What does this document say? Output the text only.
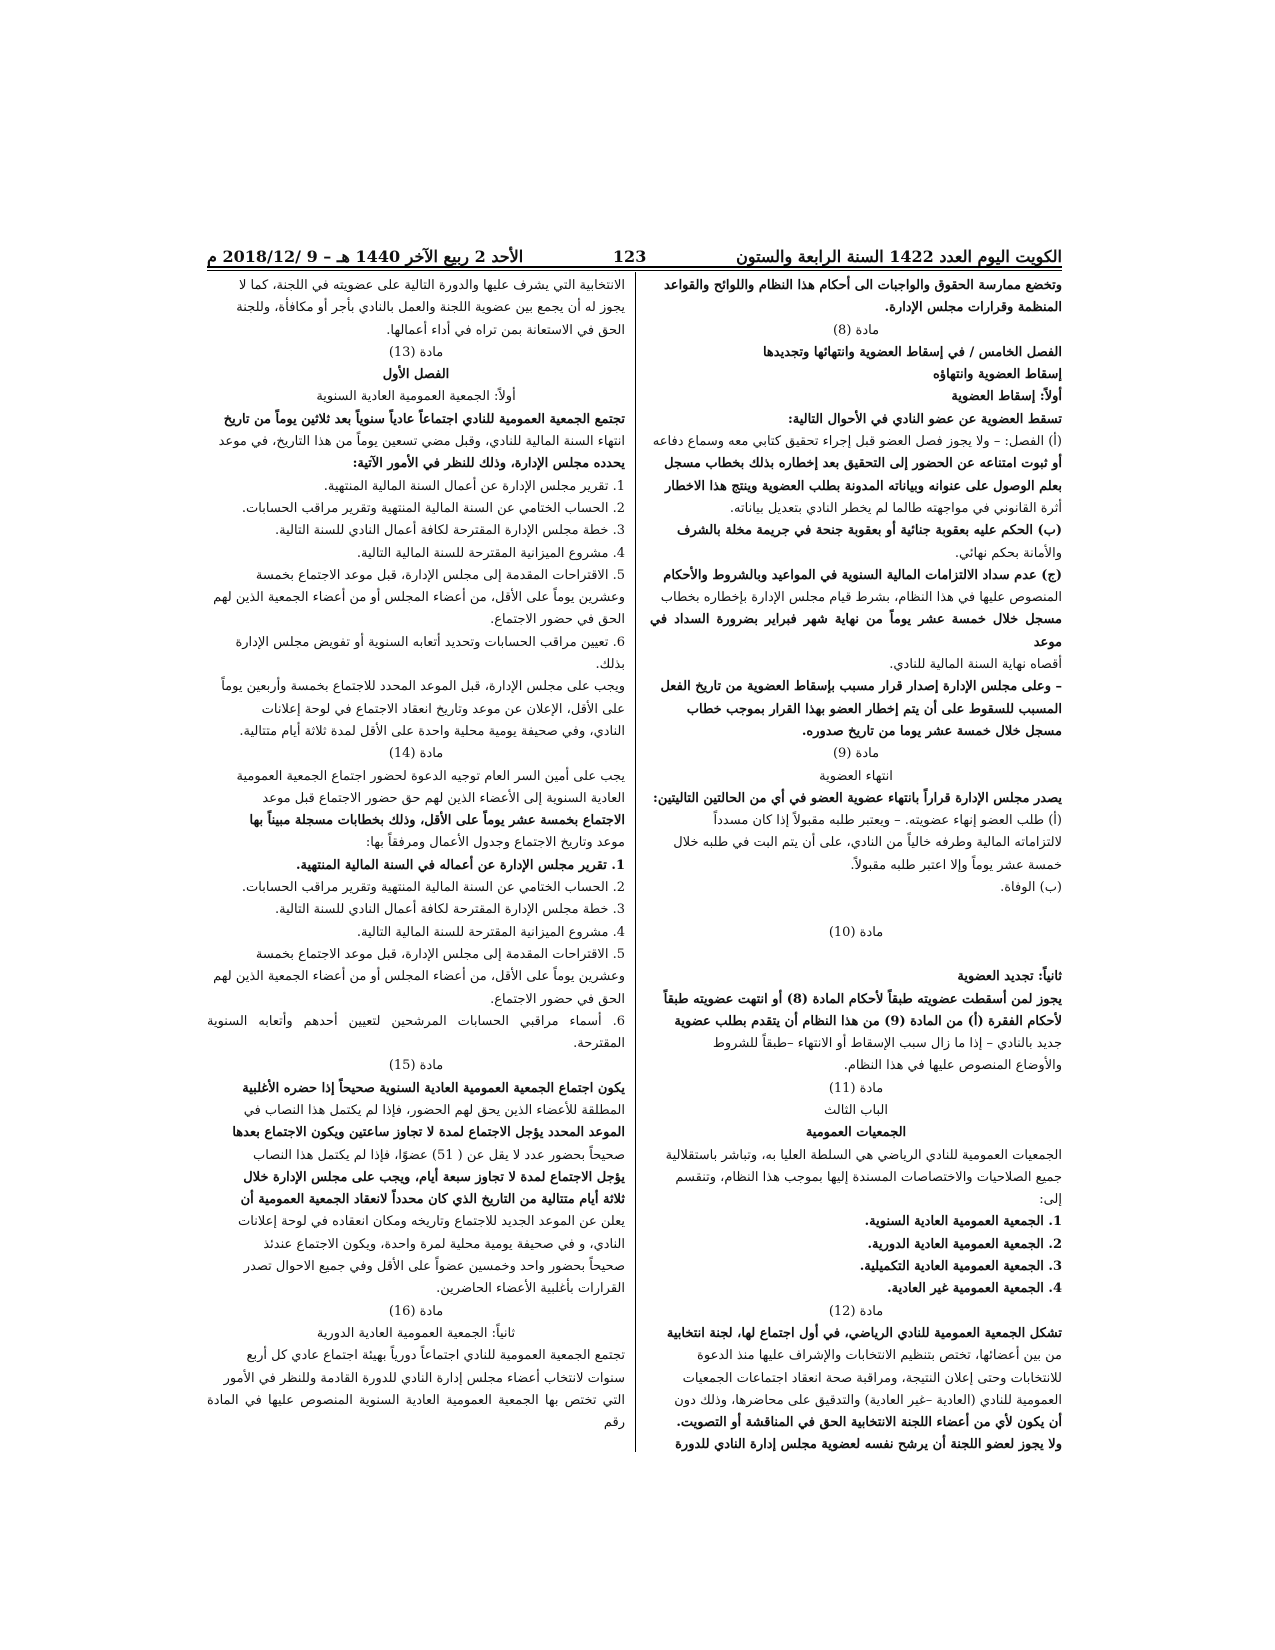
الكويت اليوم العدد 1422 السنة الرابعة والستون
123
الأحد 2 ربيع الآخر 1440 هـ – 9 /2018/12 م

وتخضع ممارسة الحقوق والواجبات الى أحكام هذا النظام واللوائح والقواعد

المنظمة وقرارات مجلس الإدارة.

مادة (8)

الفصل الخامس / في إسقاط العضوية وانتهائها وتجديدها

إسقاط العضوية وانتهاؤه

أولاً: إسقاط العضوية

تسقط العضوية عن عضو النادي في الأحوال التالية:

(أ) الفصل: – ولا يجوز فصل العضو قبل إجراء تحقيق كتابي معه وسماع دفاعه

أو ثبوت امتناعه عن الحضور إلى التحقيق بعد إخطاره بذلك بخطاب مسجل

بعلم الوصول على عنوانه وبياناته المدونة بطلب العضوية وينتج هذا الاخطار

أثرة القانوني في مواجهته طالما لم يخطر النادي بتعديل بياناته.

(ب) الحكم عليه بعقوبة جنائية أو بعقوبة جنحة في جريمة مخلة بالشرف

والأمانة بحكم نهائي.

(ج) عدم سداد الالتزامات المالية السنوية في المواعيد وبالشروط والأحكام

المنصوص عليها في هذا النظام، بشرط قيام مجلس الإدارة بإخطاره بخطاب

مسجل خلال خمسة عشر يوماً من نهاية شهر فبراير بضرورة السداد في موعد

أقصاه نهاية السنة المالية للنادي.

– وعلى مجلس الإدارة إصدار قرار مسبب بإسقاط العضوية من تاريخ الفعل

المسبب للسقوط على أن يتم إخطار العضو بهذا القرار بموجب خطاب

مسجل خلال خمسة عشر يوما من تاريخ صدوره.

مادة (9)

انتهاء العضوية

يصدر مجلس الإدارة قراراً بانتهاء عضوية العضو في أي من الحالتين التاليتين:

(أ) طلب العضو إنهاء عضويته. – ويعتبر طلبه مقبولاً إذا كان مسدداً

لالتزاماته المالية وطرفه خالياً من النادي، على أن يتم البت في طلبه خلال

خمسة عشر يوماً وإلا اعتبر طلبه مقبولاً.

(ب) الوفاة.

مادة (10)

ثانياً: تجديد العضوية

يجوز لمن أسقطت عضويته طبقاً لأحكام المادة (8) أو انتهت عضويته طبقاً

لأحكام الفقرة (أ) من المادة (9) من هذا النظام أن يتقدم بطلب عضوية

جديد بالنادي – إذا ما زال سبب الإسقاط أو الانتهاء –طبقاً للشروط

والأوضاع المنصوص عليها في هذا النظام.

مادة (11)

الباب الثالث

الجمعيات العمومية

الجمعيات العمومية للنادي الرياضي هي السلطة العليا به، وتباشر باستقلالية

جميع الصلاحيات والاختصاصات المسندة إليها بموجب هذا النظام، وتنقسم

إلى:

1. الجمعية العمومية العادية السنوية.

2. الجمعية العمومية العادية الدورية.

3. الجمعية العمومية العادية التكميلية.

4. الجمعية العمومية غير العادية.

مادة (12)

تشكل الجمعية العمومية للنادي الرياضي، في أول اجتماع لها، لجنة انتخابية

من بين أعضائها، تختص بتنظيم الانتخابات والإشراف عليها منذ الدعوة

للانتخابات وحتى إعلان النتيجة، ومراقبة صحة انعقاد اجتماعات الجمعيات

العمومية للنادي (العادية –غير العادية) والتدقيق على محاضرها، وذلك دون

أن يكون لأي من أعضاء اللجنة الانتخابية الحق في المناقشة أو التصويت.

ولا يجوز لعضو اللجنة أن يرشح نفسه لعضوية مجلس إدارة النادي للدورة

الانتخابية التي يشرف عليها والدورة التالية على عضويته في اللجنة، كما لا

يجوز له أن يجمع بين عضوية اللجنة والعمل بالنادي بأجر أو مكافأة، وللجنة

الحق في الاستعانة بمن تراه في أداء أعمالها.

مادة (13)

الفصل الأول

أولاً: الجمعية العمومية العادية السنوية

تجتمع الجمعية العمومية للنادي اجتماعاً عادياً سنوياً بعد ثلاثين يوماً من تاريخ

انتهاء السنة المالية للنادي، وقبل مضي تسعين يوماً من هذا التاريخ، في موعد

يحدده مجلس الإدارة، وذلك للنظر في الأمور الآتية:

1. تقرير مجلس الإدارة عن أعمال السنة المالية المنتهية.

2. الحساب الختامي عن السنة المالية المنتهية وتقرير مراقب الحسابات.

3. خطة مجلس الإدارة المقترحة لكافة أعمال النادي للسنة التالية.

4. مشروع الميزانية المقترحة للسنة المالية التالية.

5. الاقتراحات المقدمة إلى مجلس الإدارة، قبل موعد الاجتماع بخمسة

وعشرين يوماً على الأقل، من أعضاء المجلس أو من أعضاء الجمعية الذين لهم

الحق في حضور الاجتماع.

6. تعيين مراقب الحسابات وتحديد أتعابه السنوية أو تفويض مجلس الإدارة

بذلك.

ويجب على مجلس الإدارة، قبل الموعد المحدد للاجتماع بخمسة وأربعين يوماً

على الأقل، الإعلان عن موعد وتاريخ انعقاد الاجتماع في لوحة إعلانات

النادي، وفي صحيفة يومية محلية واحدة على الأقل لمدة ثلاثة أيام متتالية.

مادة (14)

يجب على أمين السر العام توجيه الدعوة لحضور اجتماع الجمعية العمومية

العادية السنوية إلى الأعضاء الذين لهم حق حضور الاجتماع قبل موعد

الاجتماع بخمسة عشر يوماً على الأقل، وذلك بخطابات مسجلة مبيناً بها

موعد وتاريخ الاجتماع وجدول الأعمال ومرفقاً بها:

1. تقرير مجلس الإدارة عن أعماله في السنة المالية المنتهية.

2. الحساب الختامي عن السنة المالية المنتهية وتقرير مراقب الحسابات.

3. خطة مجلس الإدارة المقترحة لكافة أعمال النادي للسنة التالية.

4. مشروع الميزانية المقترحة للسنة المالية التالية.

5. الاقتراحات المقدمة إلى مجلس الإدارة، قبل موعد الاجتماع بخمسة

وعشرين يوماً على الأقل، من أعضاء المجلس أو من أعضاء الجمعية الذين لهم

الحق في حضور الاجتماع.

6. أسماء مراقبي الحسابات المرشحين لتعيين أحدهم وأتعابه السنوية المقترحة.

مادة (15)

يكون اجتماع الجمعية العمومية العادية السنوية صحيحاً إذا حضره الأغلبية

المطلقة للأعضاء الذين يحق لهم الحضور، فإذا لم يكتمل هذا النصاب في

الموعد المحدد يؤجل الاجتماع لمدة لا تجاوز ساعتين ويكون الاجتماع بعدها

صحيحاً بحضور عدد لا يقل عن ( 51) عضوًا، فإذا لم يكتمل هذا النصاب

يؤجل الاجتماع لمدة لا تجاوز سبعة أيام، ويجب على مجلس الإدارة خلال

ثلاثة أيام متتالية من التاريخ الذي كان محدداً لانعقاد الجمعية العمومية أن

يعلن عن الموعد الجديد للاجتماع وتاريخه ومكان انعقاده في لوحة إعلانات

النادي، و في صحيفة يومية محلية لمرة واحدة، ويكون الاجتماع عندئذ

صحيحاً بحضور واحد وخمسين عضواً على الأقل وفي جميع الاحوال تصدر

القرارات بأغلبية الأعضاء الحاضرين.

مادة (16)

ثانياً: الجمعية العمومية العادية الدورية

تجتمع الجمعية العمومية للنادي اجتماعاً دورياً بهيئة اجتماع عادي كل أربع

سنوات لانتخاب أعضاء مجلس إدارة النادي للدورة القادمة وللنظر في الأمور

التي تختص بها الجمعية العمومية العادية السنوية المنصوص عليها في المادة رقم
